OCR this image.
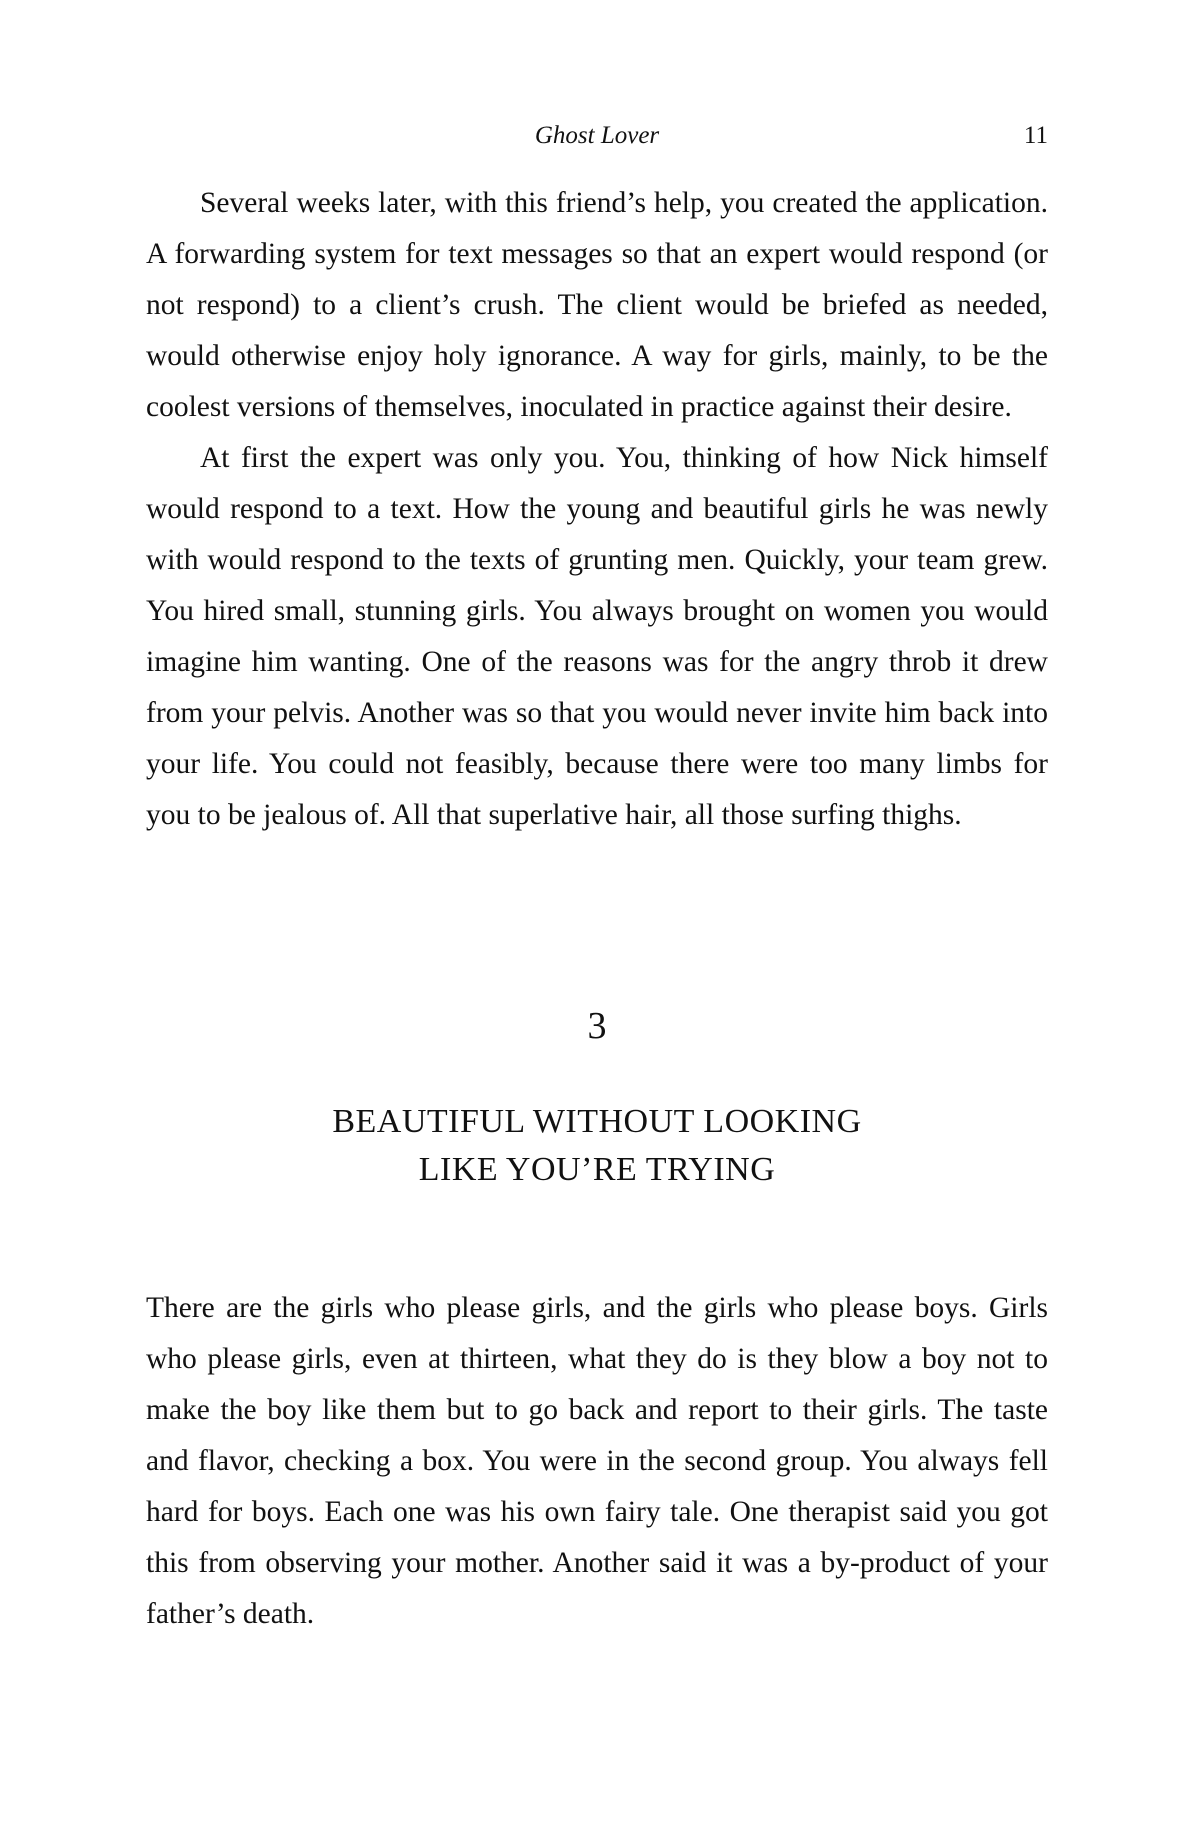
Ghost Lover	11

Several weeks later, with this friend’s help, you created the application. A forwarding system for text messages so that an expert would respond (or not respond) to a client’s crush. The client would be briefed as needed, would otherwise enjoy holy ignorance. A way for girls, mainly, to be the coolest versions of themselves, inoculated in practice against their desire.

At first the expert was only you. You, thinking of how Nick himself would respond to a text. How the young and beautiful girls he was newly with would respond to the texts of grunting men. Quickly, your team grew. You hired small, stunning girls. You always brought on women you would imagine him wanting. One of the reasons was for the angry throb it drew from your pelvis. Another was so that you would never invite him back into your life. You could not feasibly, because there were too many limbs for you to be jealous of. All that superlative hair, all those surfing thighs.

3
BEAUTIFUL WITHOUT LOOKING
LIKE YOU’RE TRYING

There are the girls who please girls, and the girls who please boys. Girls who please girls, even at thirteen, what they do is they blow a boy not to make the boy like them but to go back and report to their girls. The taste and flavor, checking a box. You were in the second group. You always fell hard for boys. Each one was his own fairy tale. One therapist said you got this from observing your mother. Another said it was a by-product of your father’s death.
